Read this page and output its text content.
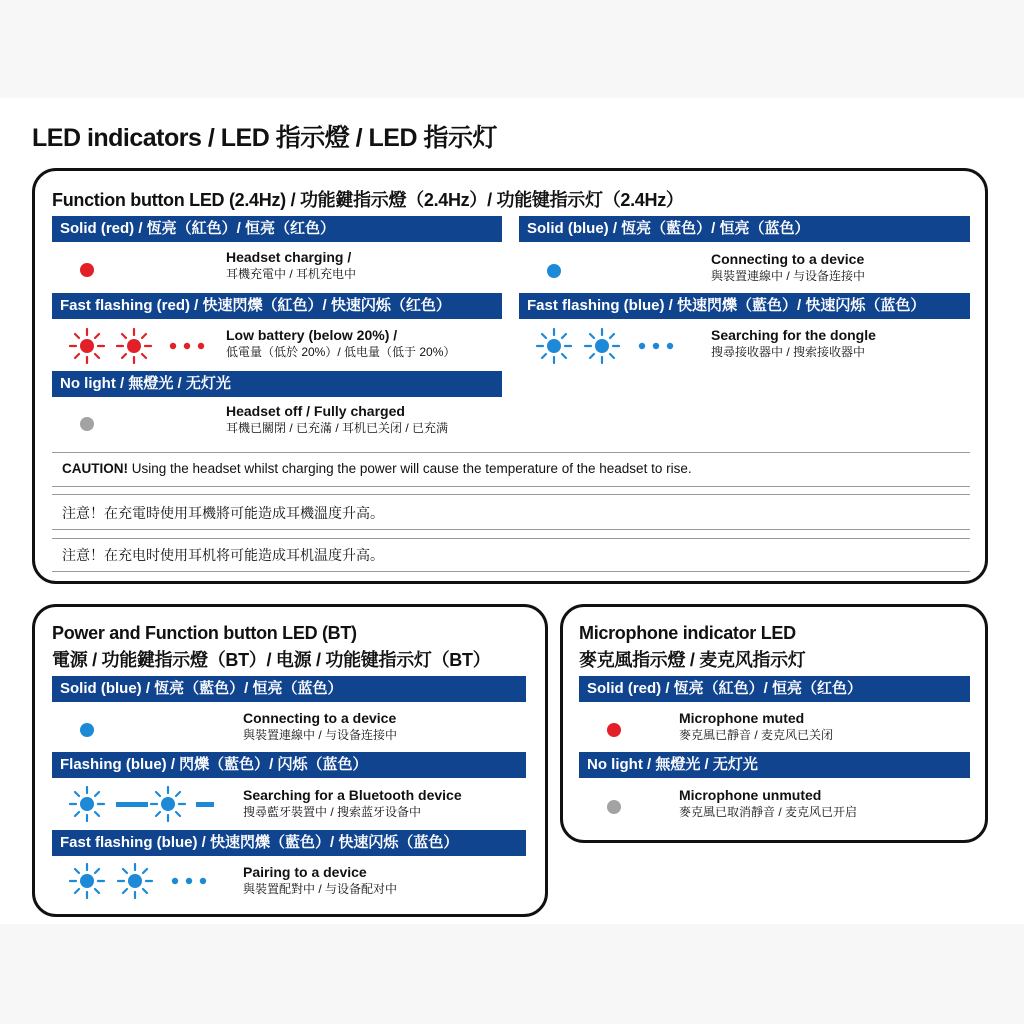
LED indicators / LED 指示燈 / LED 指示灯
Function button LED (2.4Hz) / 功能鍵指示燈（2.4Hz）/ 功能键指示灯（2.4Hz）
Solid (red) / 恆亮（紅色）/ 恒亮（红色）
Headset charging /
耳機充電中 / 耳机充电中
Solid (blue) / 恆亮（藍色）/ 恒亮（蓝色）
Connecting to a device
與裝置連線中 / 与设备连接中
Fast flashing (red) / 快速閃爍（紅色）/ 快速闪烁（红色）
Low battery (below 20%) /
低電量（低於 20%）/ 低电量（低于 20%）
Fast flashing (blue) / 快速閃爍（藍色）/ 快速闪烁（蓝色）
Searching for the dongle
搜尋接收器中 / 搜索接收器中
No light / 無燈光 / 无灯光
Headset off / Fully charged
耳機已關閉 / 已充滿 / 耳机已关闭 / 已充满
CAUTION! Using the headset whilst charging the power will cause the temperature of the headset to rise.
注意！在充電時使用耳機將可能造成耳機溫度升高。
注意！在充电时使用耳机将可能造成耳机温度升高。
Power and Function button LED (BT)
電源 / 功能鍵指示燈（BT）/ 电源 / 功能键指示灯（BT）
Solid (blue) / 恆亮（藍色）/ 恒亮（蓝色）
Connecting to a device
與裝置連線中 / 与设备连接中
Flashing (blue) / 閃爍（藍色）/ 闪烁（蓝色）
Searching for a Bluetooth device
搜尋藍牙裝置中 / 搜索蓝牙设备中
Fast flashing (blue) / 快速閃爍（藍色）/ 快速闪烁（蓝色）
Pairing to a device
與裝置配對中 / 与设备配对中
Microphone indicator LED
麥克風指示燈 / 麦克风指示灯
Solid (red) / 恆亮（紅色）/ 恒亮（红色）
Microphone muted
麥克風已靜音 / 麦克风已关闭
No light / 無燈光 / 无灯光
Microphone unmuted
麥克風已取消靜音 / 麦克风已开启
